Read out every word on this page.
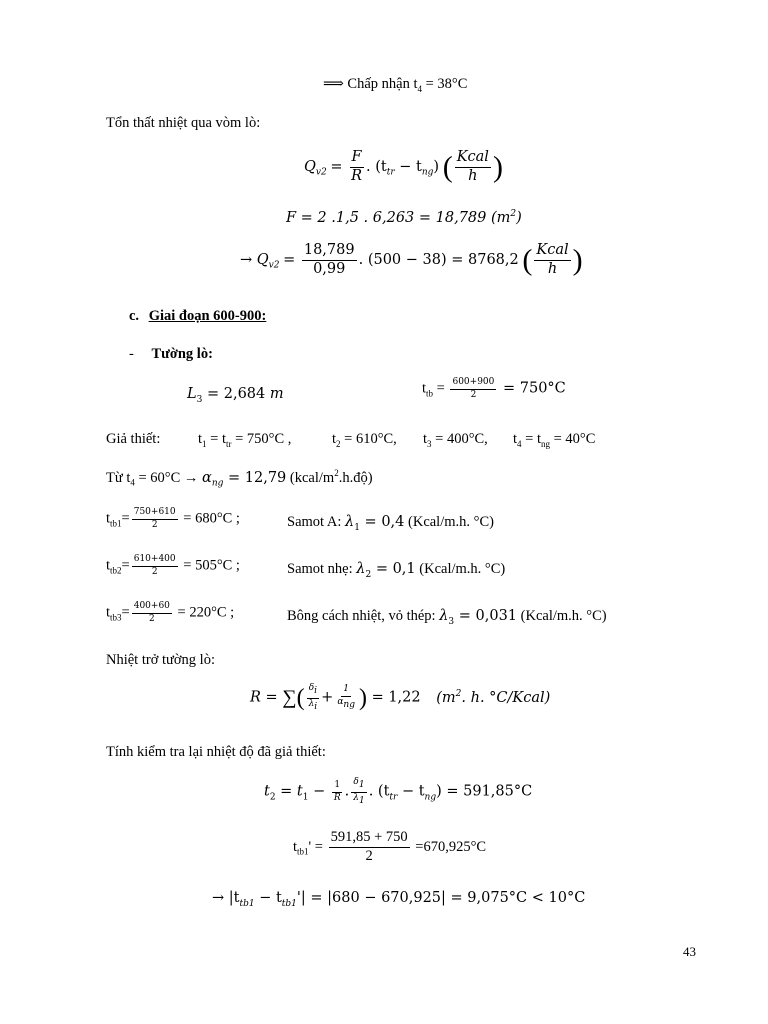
⟹ Chấp nhận $t_4 = 38^\circ C$
Tổn thất nhiệt qua vòm lò:
$Q_{v2} = \frac{F}{R}$ . $(t_{tr} - t_{ng})$ ( $\frac{\text{Kcal}}{h}$ )
F = 2 .1,5 . 6,263 = 18,789 $(m^2)$
→ $Q_{v2} = \frac{18,789}{0,99}$ . (500 − 38) = 8768,2 ( $\frac{\text{Kcal}}{h}$ )
c. Giai đoạn 600-900:
- Tường lò:
$L_3 = 2,684$ m	$t_{tb} = \frac{600+900}{2} = 750^\circ C$
Giả thiết:	$t_1 = t_{tr} = 750^\circ C$ ,	$t_2 = 610^\circ C$, $t_3 = 400^\circ C$, $t_4 = t_{ng} = 40^\circ C$
Từ $t_4 = 60^\circ C \to \alpha_{ng} = 12,79$ $(kcal/m^2.h.độ)$
$t_{tb1}= \frac{750+610}{2} = 680^\circ C$ ;	Samot A: $\lambda_1 = 0,4$ (Kcal/m.h. °C)
$t_{tb2}= \frac{610+400}{2} = 505^\circ C$ ;	Samot nhẹ: $\lambda_2 = 0,1$ (Kcal/m.h. °C)
$t_{tb3}= \frac{400+60}{2} = 220^\circ C$ ;	Bông cách nhiệt, vỏ thép: $\lambda_3 = 0,031$ (Kcal/m.h. °C)
Nhiệt trở tường lò:
R = ∑( $\frac{\delta_i}{\lambda_i} + \frac{1}{\alpha_{ng}}$ ) = 1,22 ($m^2$. h. °C/Kcal)
Tính kiểm tra lại nhiệt độ đã giả thiết:
$t_2 = t_1 - \frac{1}{R}$ . $\frac{\delta_1}{\lambda_1}$ . $(t_{tr} - t_{ng}) = 591,85^\circ C$
$t_{tb1}' = \frac{591,85 + 750}{2} =670,925^\circ C$
→ $|t_{tb1} - t_{tb1}'| = |680 - 670,925| = 9,075^\circ C < 10^\circ C$
43
